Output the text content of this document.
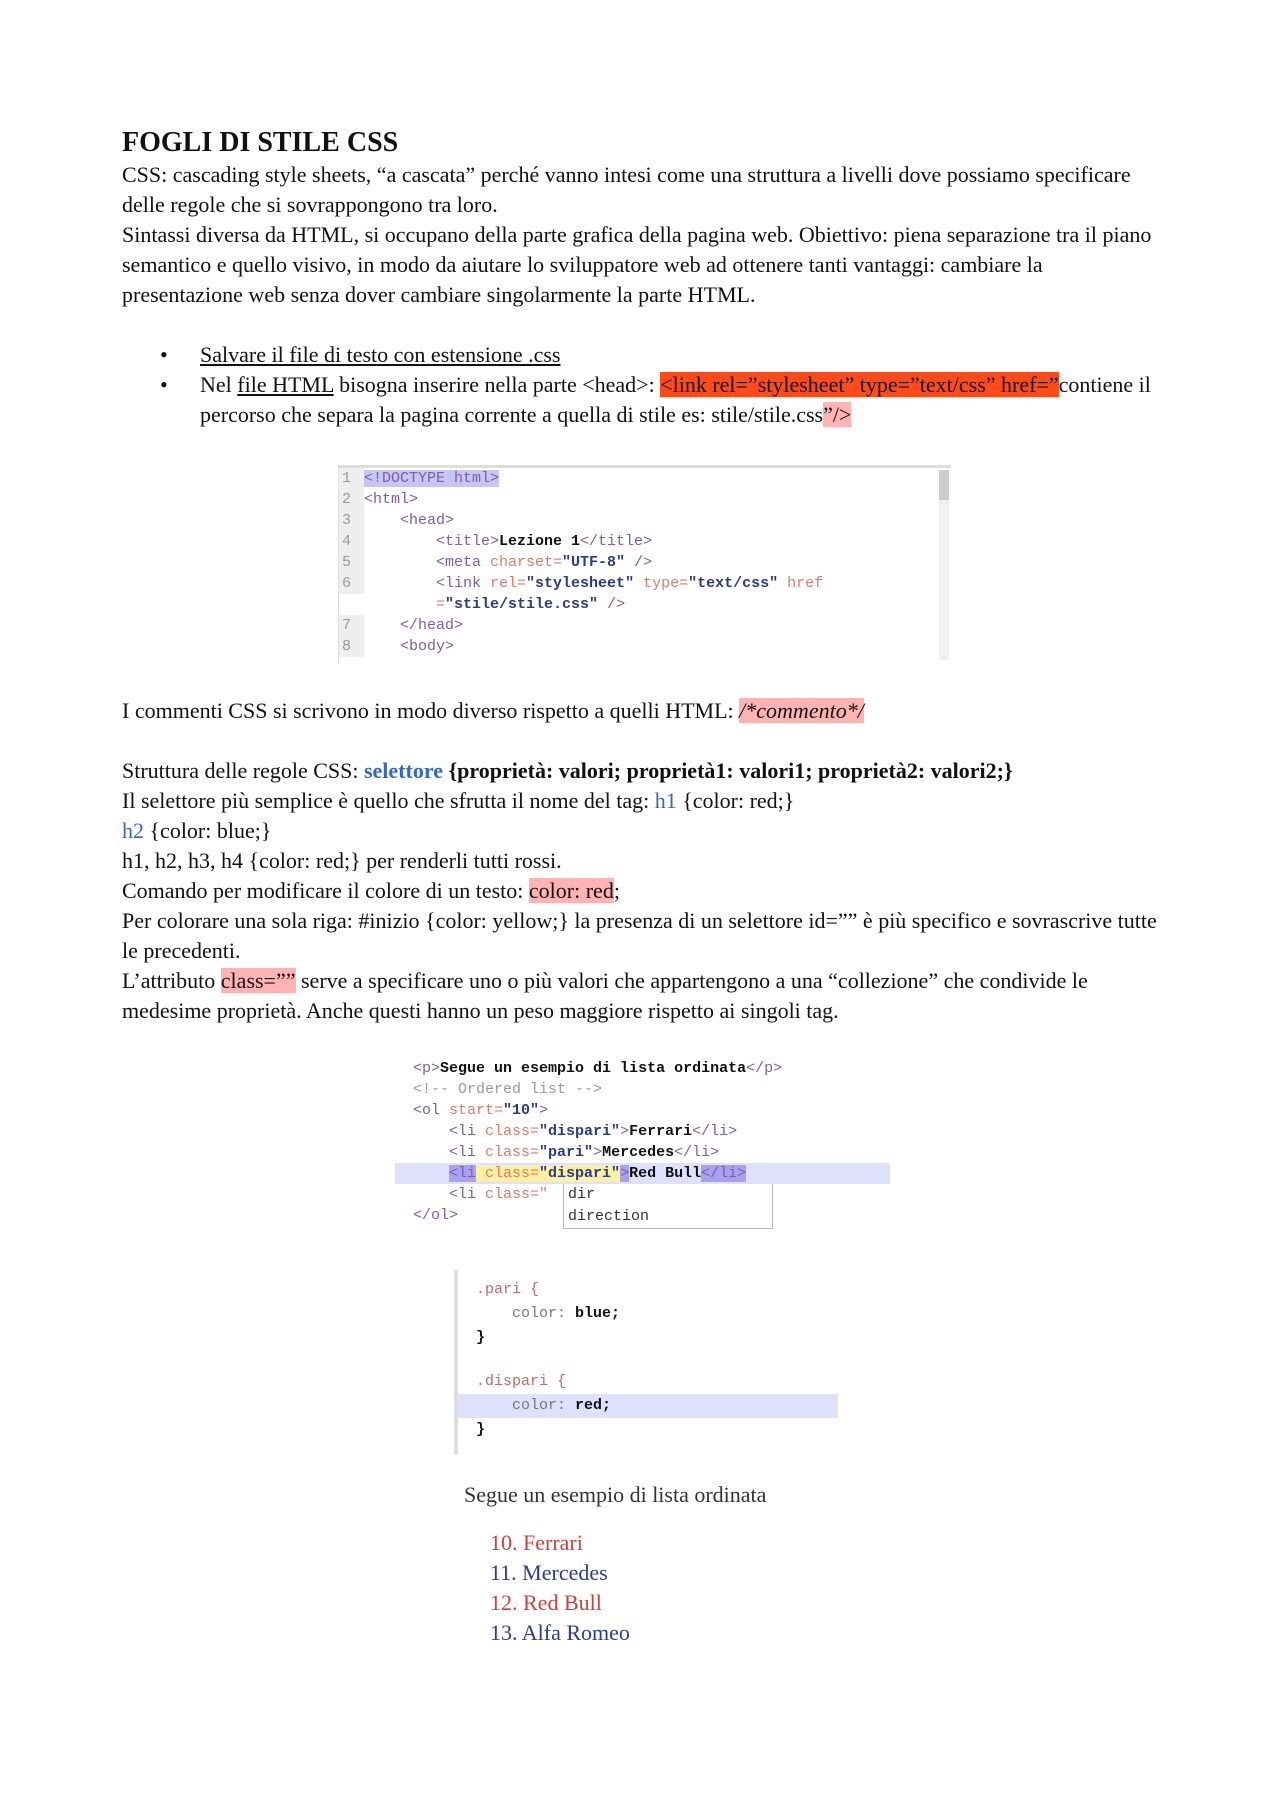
FOGLI DI STILE CSS

CSS: cascading style sheets, “a cascata” perché vanno intesi come una struttura a livelli dove possiamo specificare delle regole che si sovrappongono tra loro.

Sintassi diversa da HTML, si occupano della parte grafica della pagina web. Obiettivo: piena separazione tra il piano semantico e quello visivo, in modo da aiutare lo sviluppatore web ad ottenere tanti vantaggi: cambiare la presentazione web senza dover cambiare singolarmente la parte HTML.

• Salvare il file di testo con estensione .css
• Nel file HTML bisogna inserire nella parte <head>: <link rel=”stylesheet” type=”text/css” href=”contiene il percorso che separa la pagina corrente a quella di stile es: stile/stile.css”/>
1 <!DOCTYPE html>
2 <html>
3	<head>
4	<title>Lezione 1</title>
5	<meta charset="UTF-8" />
6	<link rel="stylesheet" type="text/css" href
="stile/stile.css" />
7	</head>
8	<body>

I commenti CSS si scrivono in modo diverso rispetto a quelli HTML: /*commento*/

Struttura delle regole CSS: selettore {proprietà: valori; proprietà1: valori1; proprietà2: valori2;}

Il selettore più semplice è quello che sfrutta il nome del tag: h1 {color: red;}

h2 {color: blue;}

h1, h2, h3, h4 {color: red;} per renderli tutti rossi.

Comando per modificare il colore di un testo: color: red;

Per colorare una sola riga: #inizio {color: yellow;} la presenza di un selettore id=”” è più specifico e sovrascrive tutte le precedenti.

L’attributo class=”” serve a specificare uno o più valori che appartengono a una “collezione” che condivide le medesime proprietà. Anche questi hanno un peso maggiore rispetto ai singoli tag.

<p>Segue un esempio di lista ordinata</p>
<!-- Ordered list -->
<ol start="10">
<li class="dispari">Ferrari</li>
<li class="pari">Mercedes</li>
<li class="dispari">Red Bull</li>
<li class="
</ol>
dir
direction
.pari {
color: blue;
}
.dispari {
color: red;
}
Segue un esempio di lista ordinata
10. Ferrari
11. Mercedes
12. Red Bull
13. Alfa Romeo
